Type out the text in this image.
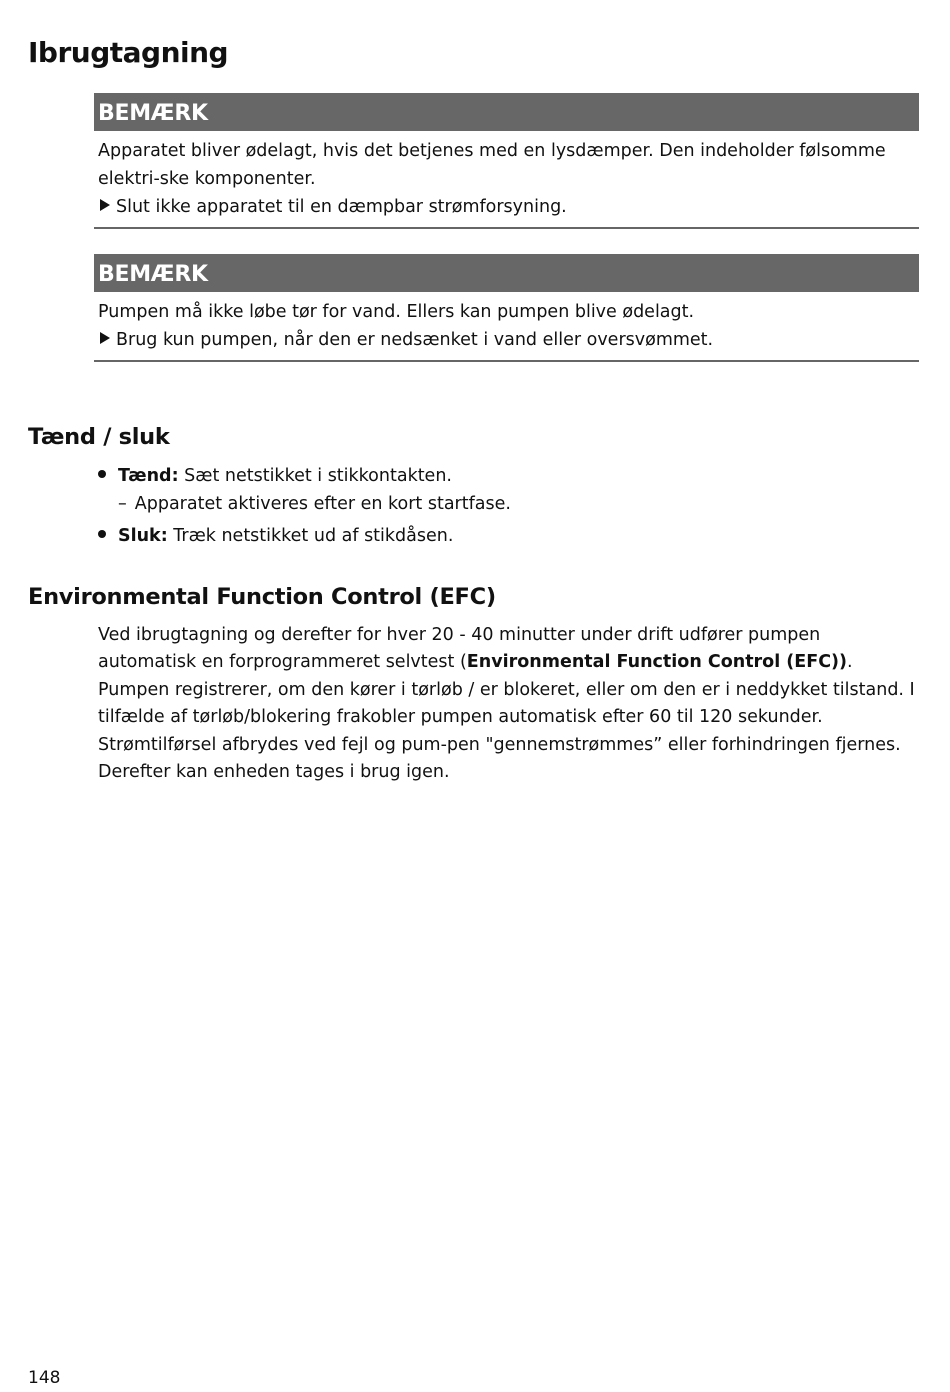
Ibrugtagning
BEMÆRK

Apparatet bliver ødelagt, hvis det betjenes med en lysdæmper. Den indeholder følsomme elektri-ske komponenter.

Slut ikke apparatet til en dæmpbar strømforsyning.
BEMÆRK

Pumpen må ikke løbe tør for vand. Ellers kan pumpen blive ødelagt.

Brug kun pumpen, når den er nedsænket i vand eller oversvømmet.
Tænd / sluk
Tænd: Sæt netstikket i stikkontakten.
– Apparatet aktiveres efter en kort startfase.
Sluk: Træk netstikket ud af stikdåsen.
Environmental Function Control (EFC)

Ved ibrugtagning og derefter for hver 20 - 40 minutter under drift udfører pumpen automatisk en forprogrammeret selvtest (Environmental Function Control (EFC)). Pumpen registrerer, om den kører i tørløb / er blokeret, eller om den er i neddykket tilstand. I tilfælde af tørløb/blokering frakobler pumpen automatisk efter 60 til 120 sekunder. Strømtilførsel afbrydes ved fejl og pum-pen "gennemstrømmes” eller forhindringen fjernes. Derefter kan enheden tages i brug igen.

148
